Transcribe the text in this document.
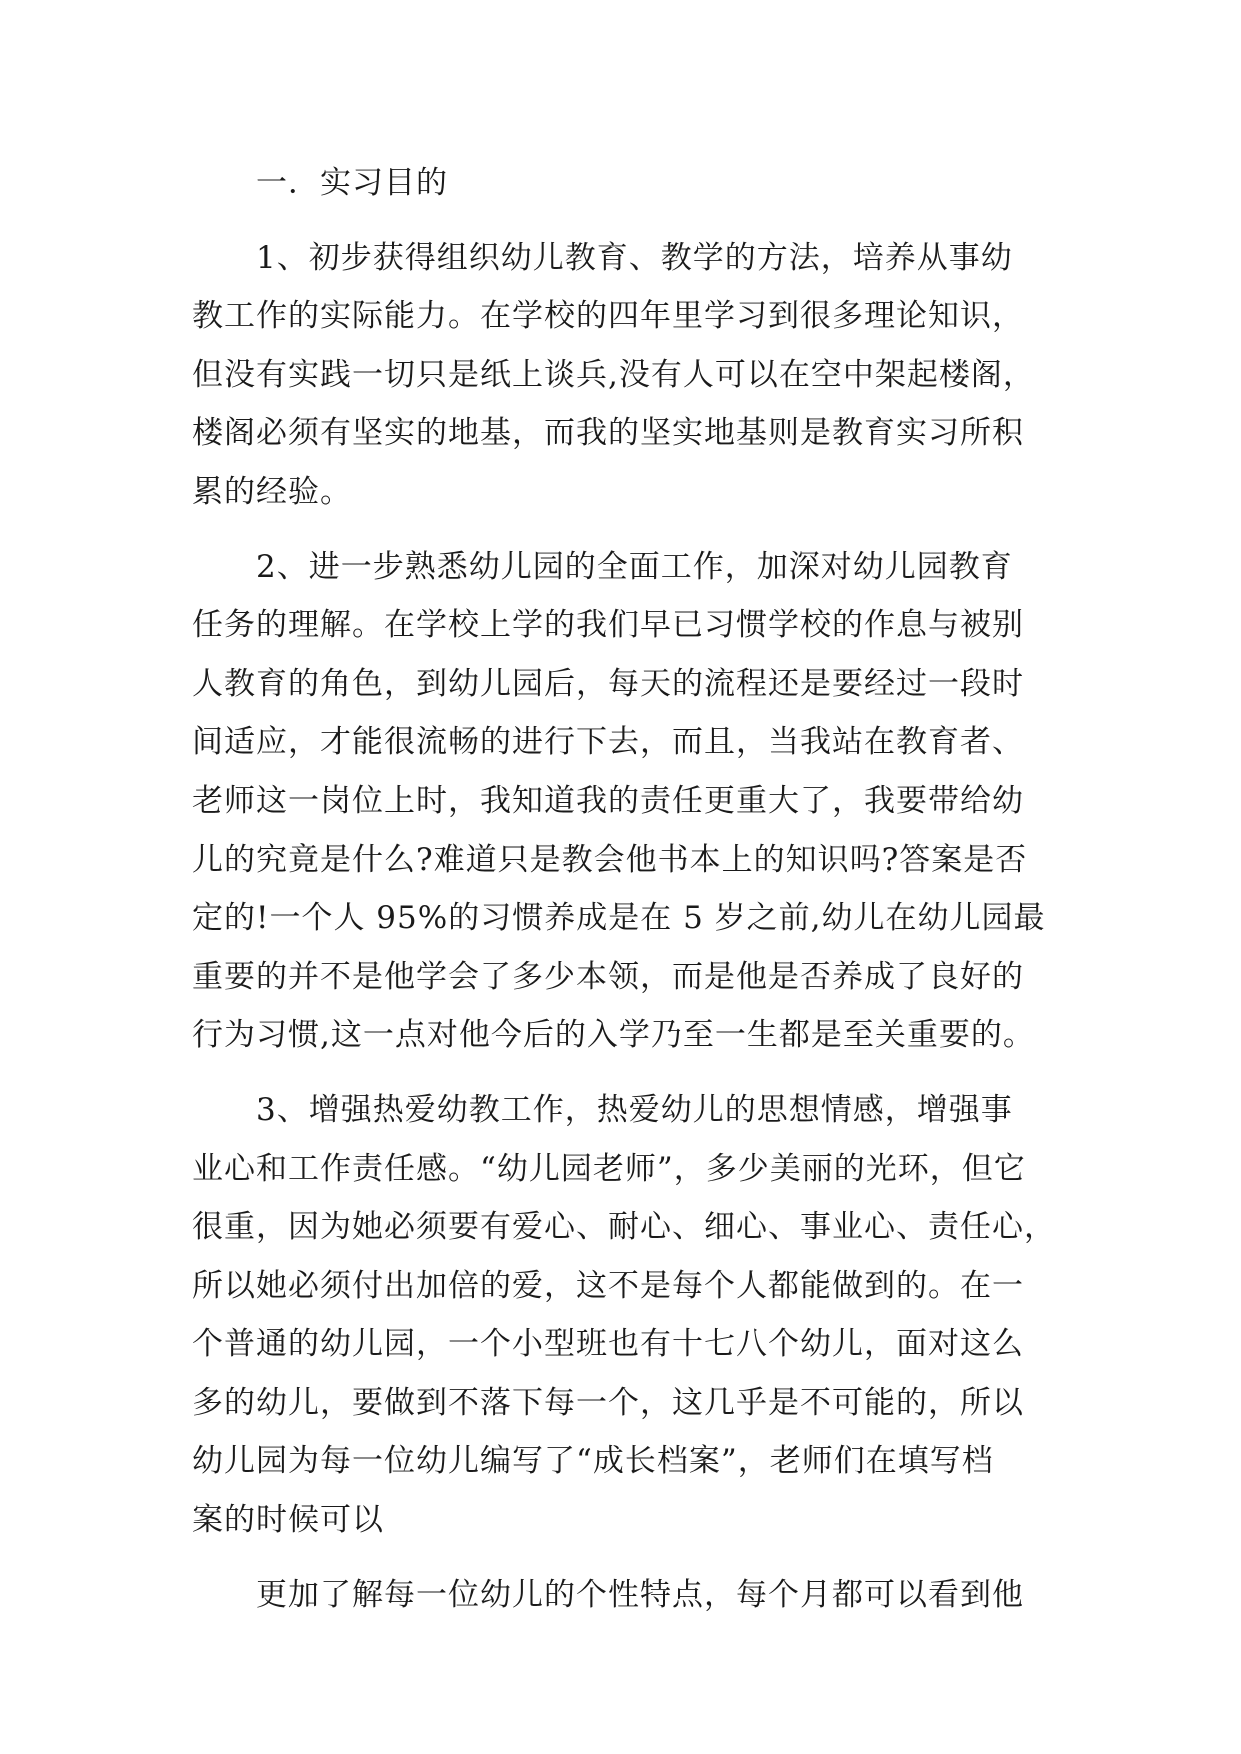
一．实习目的
1、初步获得组织幼儿教育、教学的方法，培养从事幼
教工作的实际能力。在学校的四年里学习到很多理论知识，
但没有实践一切只是纸上谈兵,没有人可以在空中架起楼阁，
楼阁必须有坚实的地基，而我的坚实地基则是教育实习所积
累的经验。
2、进一步熟悉幼儿园的全面工作，加深对幼儿园教育
任务的理解。在学校上学的我们早已习惯学校的作息与被别
人教育的角色，到幼儿园后，每天的流程还是要经过一段时
间适应，才能很流畅的进行下去，而且，当我站在教育者、
老师这一岗位上时，我知道我的责任更重大了，我要带给幼
儿的究竟是什么?难道只是教会他书本上的知识吗?答案是否
定的!一个人 95%的习惯养成是在 5 岁之前,幼儿在幼儿园最
重要的并不是他学会了多少本领，而是他是否养成了良好的
行为习惯,这一点对他今后的入学乃至一生都是至关重要的。
3、增强热爱幼教工作，热爱幼儿的思想情感，增强事
业心和工作责任感。“幼儿园老师”，多少美丽的光环，但它
很重，因为她必须要有爱心、耐心、细心、事业心、责任心，
所以她必须付出加倍的爱，这不是每个人都能做到的。在一
个普通的幼儿园，一个小型班也有十七八个幼儿，面对这么
多的幼儿，要做到不落下每一个，这几乎是不可能的，所以
幼儿园为每一位幼儿编写了“成长档案”，老师们在填写档
案的时候可以
更加了解每一位幼儿的个性特点，每个月都可以看到他
